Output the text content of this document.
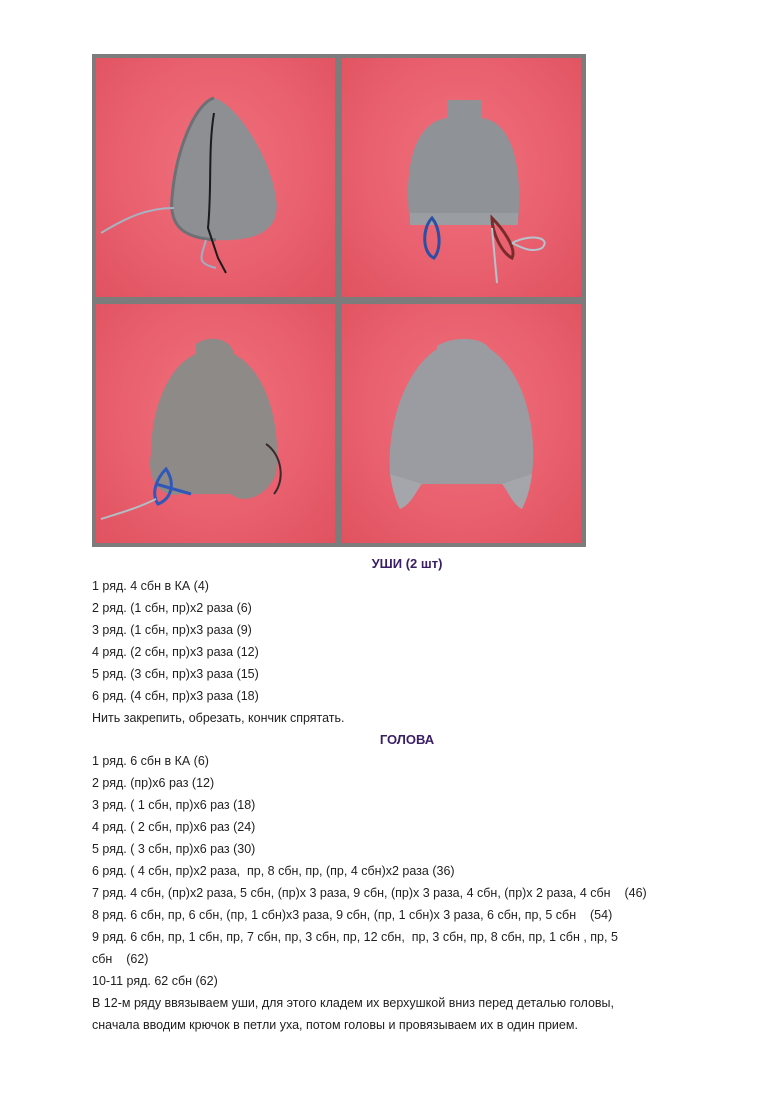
УШИ (2 шт)
1 ряд. 4 сбн в КА (4)
2 ряд. (1 сбн, пр)х2 раза (6)
3 ряд. (1 сбн, пр)х3 раза (9)
4 ряд. (2 сбн, пр)х3 раза (12)
5 ряд. (3 сбн, пр)х3 раза (15)
6 ряд. (4 сбн, пр)х3 раза (18)
Нить закрепить, обрезать, кончик спрятать.
ГОЛОВА
1 ряд. 6 сбн в КА (6)
2 ряд. (пр)х6 раз (12)
3 ряд. ( 1 сбн, пр)х6 раз (18)
4 ряд. ( 2 сбн, пр)х6 раз (24)
5 ряд. ( 3 сбн, пр)х6 раз (30)
6 ряд. ( 4 сбн, пр)х2 раза,  пр, 8 сбн, пр, (пр, 4 сбн)х2 раза (36)
7 ряд. 4 сбн, (пр)х2 раза, 5 сбн, (пр)х 3 раза, 9 сбн, (пр)х 3 раза, 4 сбн, (пр)х 2 раза, 4 сбн    (46)
8 ряд. 6 сбн, пр, 6 сбн, (пр, 1 сбн)х3 раза, 9 сбн, (пр, 1 сбн)х 3 раза, 6 сбн, пр, 5 сбн    (54)
9 ряд. 6 сбн, пр, 1 сбн, пр, 7 сбн, пр, 3 сбн, пр, 12 сбн,  пр, 3 сбн, пр, 8 сбн, пр, 1 сбн , пр, 5
сбн    (62)
10-11 ряд. 62 сбн (62)
В 12-м ряду ввязываем уши, для этого кладем их верхушкой вниз перед деталью головы,
сначала вводим крючок в петли уха, потом головы и провязываем их в один прием.
